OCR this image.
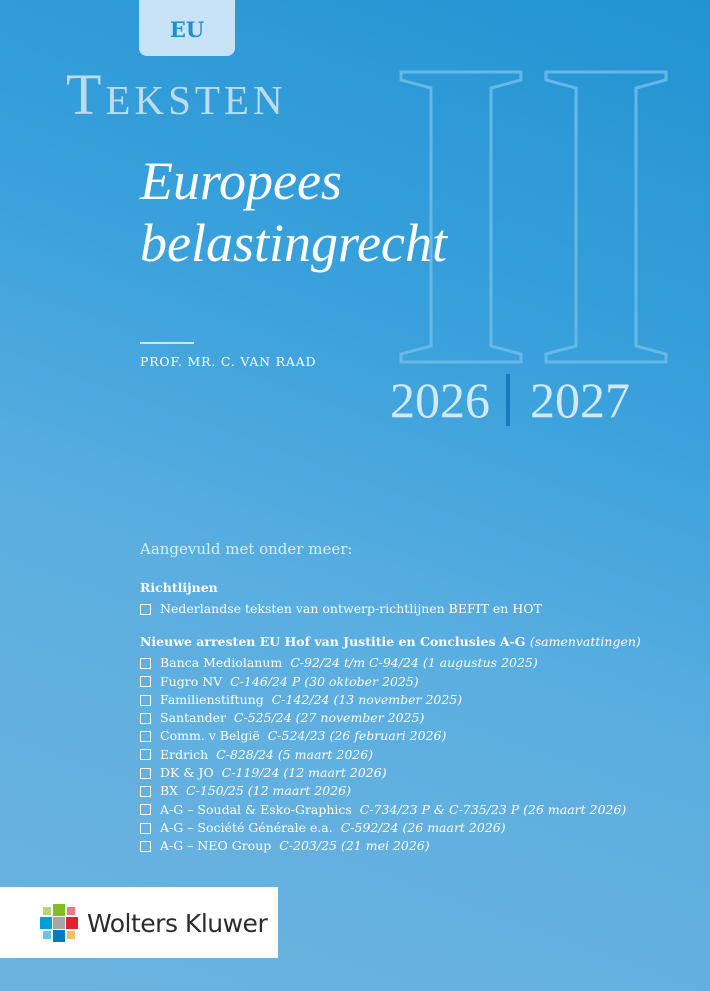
EU
II
Teksten
Europees
belastingrecht
PROF. MR. C. VAN RAAD
2026 2027

Aangevuld met onder meer:

Richtlijnen

Nederlandse teksten van ontwerp-richtlijnen BEFIT en HOT

Nieuwe arresten EU Hof van Justitie en Conclusies A-G (samenvattingen)

Banca Mediolanum
C-92/24 t/m C-94/24 (1 augustus 2025)
Fugro NV
C-146/24 P (30 oktober 2025)
Familienstiftung
C-142/24 (13 november 2025)
Santander
C-525/24 (27 november 2025)
Comm. v België
C-524/23 (26 februari 2026)
Erdrich
C-828/24 (5 maart 2026)
DK & JO
C-119/24 (12 maart 2026)
BX
C-150/25 (12 maart 2026)
A-G – Soudal & Esko-Graphics
C-734/23 P & C-735/23 P (26 maart 2026)
A-G – Société Générale e.a.
C-592/24 (26 maart 2026)
A-G – NEO Group
C-203/25 (21 mei 2026)
Wolters Kluwer
